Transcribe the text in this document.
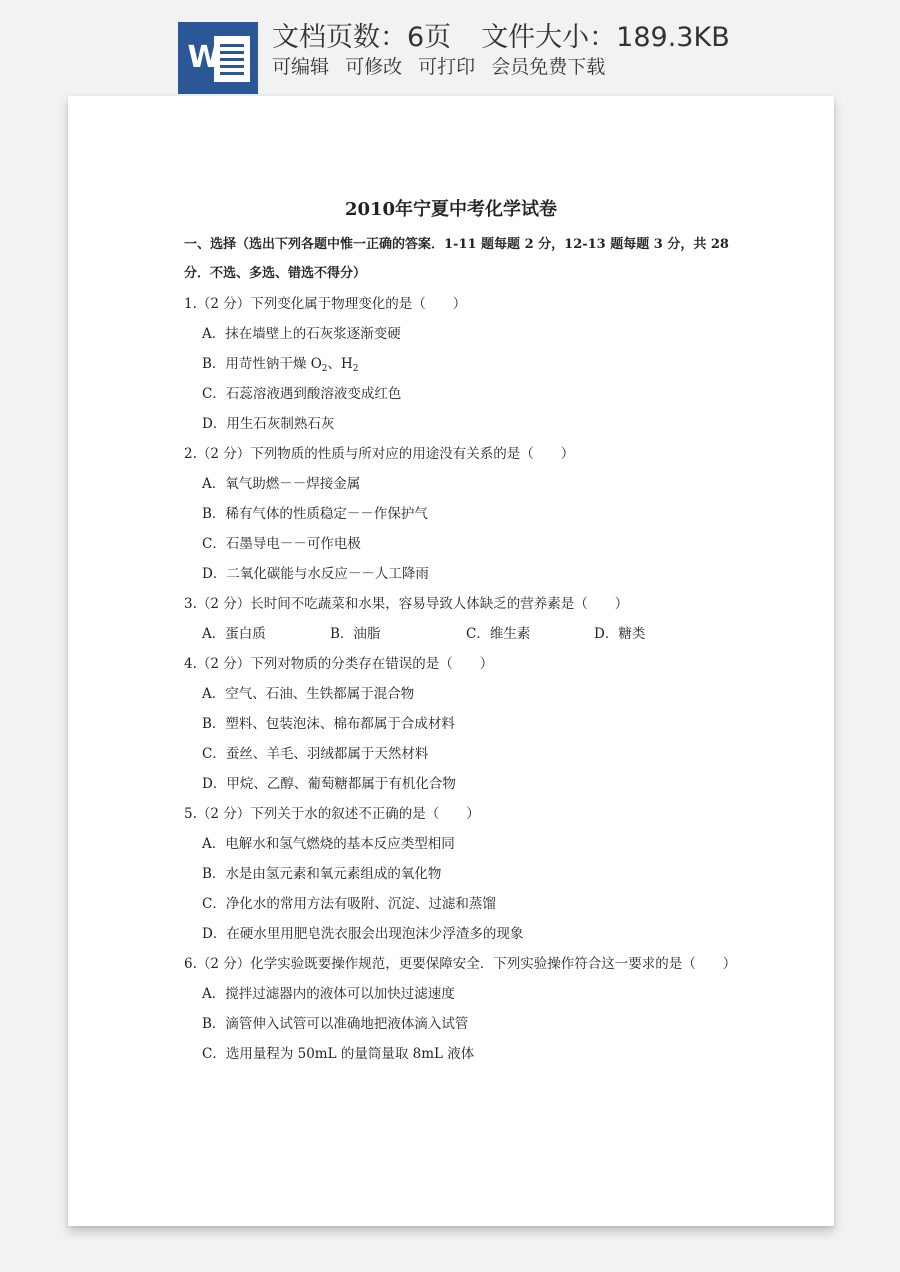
W
文档页数：6页 文件大小：189.3KB
可编辑 可修改 可打印 会员免费下载
2010年宁夏中考化学试卷
一、选择（选出下列各题中惟一正确的答案．1-11 题每题 2 分，12-13 题每题 3 分，共 28
分．不选、多选、错选不得分）
1.（2 分）下列变化属于物理变化的是（　　）
A．抹在墙壁上的石灰浆逐渐变硬
B．用苛性钠干燥 $O_2$、$H_2$
C．石蕊溶液遇到酸溶液变成红色
D．用生石灰制熟石灰
2.（2 分）下列物质的性质与所对应的用途没有关系的是（　　）
A．氧气助燃－－焊接金属
B．稀有气体的性质稳定－－作保护气
C．石墨导电－－可作电极
D．二氧化碳能与水反应－－人工降雨
3.（2 分）长时间不吃蔬菜和水果，容易导致人体缺乏的营养素是（　　）
A．蛋白质	B．油脂	C．维生素	D．糖类
4.（2 分）下列对物质的分类存在错误的是（　　）
A．空气、石油、生铁都属于混合物
B．塑料、包装泡沫、棉布都属于合成材料
C．蚕丝、羊毛、羽绒都属于天然材料
D．甲烷、乙醇、葡萄糖都属于有机化合物
5.（2 分）下列关于水的叙述不正确的是（　　）
A．电解水和氢气燃烧的基本反应类型相同
B．水是由氢元素和氧元素组成的氧化物
C．净化水的常用方法有吸附、沉淀、过滤和蒸馏
D．在硬水里用肥皂洗衣服会出现泡沫少浮渣多的现象
6.（2 分）化学实验既要操作规范，更要保障安全．下列实验操作符合这一要求的是（　　）
A．搅拌过滤器内的液体可以加快过滤速度
B．滴管伸入试管可以准确地把液体滴入试管
C．选用量程为 50mL 的量筒量取 8mL 液体
